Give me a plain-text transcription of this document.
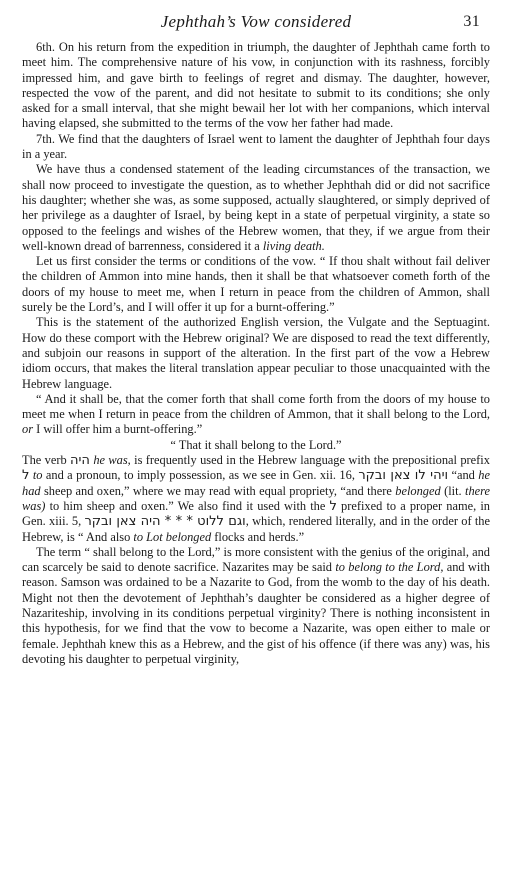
Jephthah’s Vow considered	31

6th. On his return from the expedition in triumph, the daughter of Jephthah came forth to meet him. The comprehensive nature of his vow, in conjunction with its rashness, forcibly impressed him, and gave birth to feelings of regret and dismay. The daughter, however, respected the vow of the parent, and did not hesitate to submit to its conditions; she only asked for a small interval, that she might bewail her lot with her companions, which interval having elapsed, she submitted to the terms of the vow her father had made.

7th. We find that the daughters of Israel went to lament the daughter of Jephthah four days in a year.

We have thus a condensed statement of the leading circumstances of the transaction, we shall now proceed to investigate the question, as to whether Jephthah did or did not sacrifice his daughter; whether she was, as some supposed, actually slaughtered, or simply deprived of her privilege as a daughter of Israel, by being kept in a state of perpetual virginity, a state so opposed to the feelings and wishes of the Hebrew women, that they, if we argue from their well-known dread of barrenness, considered it a living death.

Let us first consider the terms or conditions of the vow. “ If thou shalt without fail deliver the children of Ammon into mine hands, then it shall be that whatsoever cometh forth of the doors of my house to meet me, when I return in peace from the children of Ammon, shall surely be the Lord’s, and I will offer it up for a burnt-offering.”

This is the statement of the authorized English version, the Vulgate and the Septuagint. How do these comport with the Hebrew original? We are disposed to read the text differently, and subjoin our reasons in support of the alteration. In the first part of the vow a Hebrew idiom occurs, that makes the literal translation appear peculiar to those unacquainted with the Hebrew language.

“ And it shall be, that the comer forth that shall come forth from the doors of my house to meet me when I return in peace from the children of Ammon, that it shall belong to the Lord, or I will offer him a burnt-offering.”

“ That it shall belong to the Lord.”

The verb היה he was, is frequently used in the Hebrew language with the prepositional prefix ל to and a pronoun, to imply possession, as we see in Gen. xii. 16, ויהי לו צאן ובקר “and he had sheep and oxen,” where we may read with equal propriety, “and there belonged (lit. there was) to him sheep and oxen.” We also find it used with the ל prefixed to a proper name, in Gen. xiii. 5, וגם ללוט * * * היה צאן ובקר, which, rendered literally, and in the order of the Hebrew, is “ And also to Lot belonged flocks and herds.”

The term “ shall belong to the Lord,” is more consistent with the genius of the original, and can scarcely be said to denote sacrifice. Nazarites may be said to belong to the Lord, and with reason. Samson was ordained to be a Nazarite to God, from the womb to the day of his death. Might not then the devotement of Jephthah’s daughter be considered as a higher degree of Nazariteship, involving in its conditions perpetual virginity? There is nothing inconsistent in this hypothesis, for we find that the vow to become a Nazarite, was open either to male or female. Jephthah knew this as a Hebrew, and the gist of his offence (if there was any) was, his devoting his daughter to perpetual virginity,
